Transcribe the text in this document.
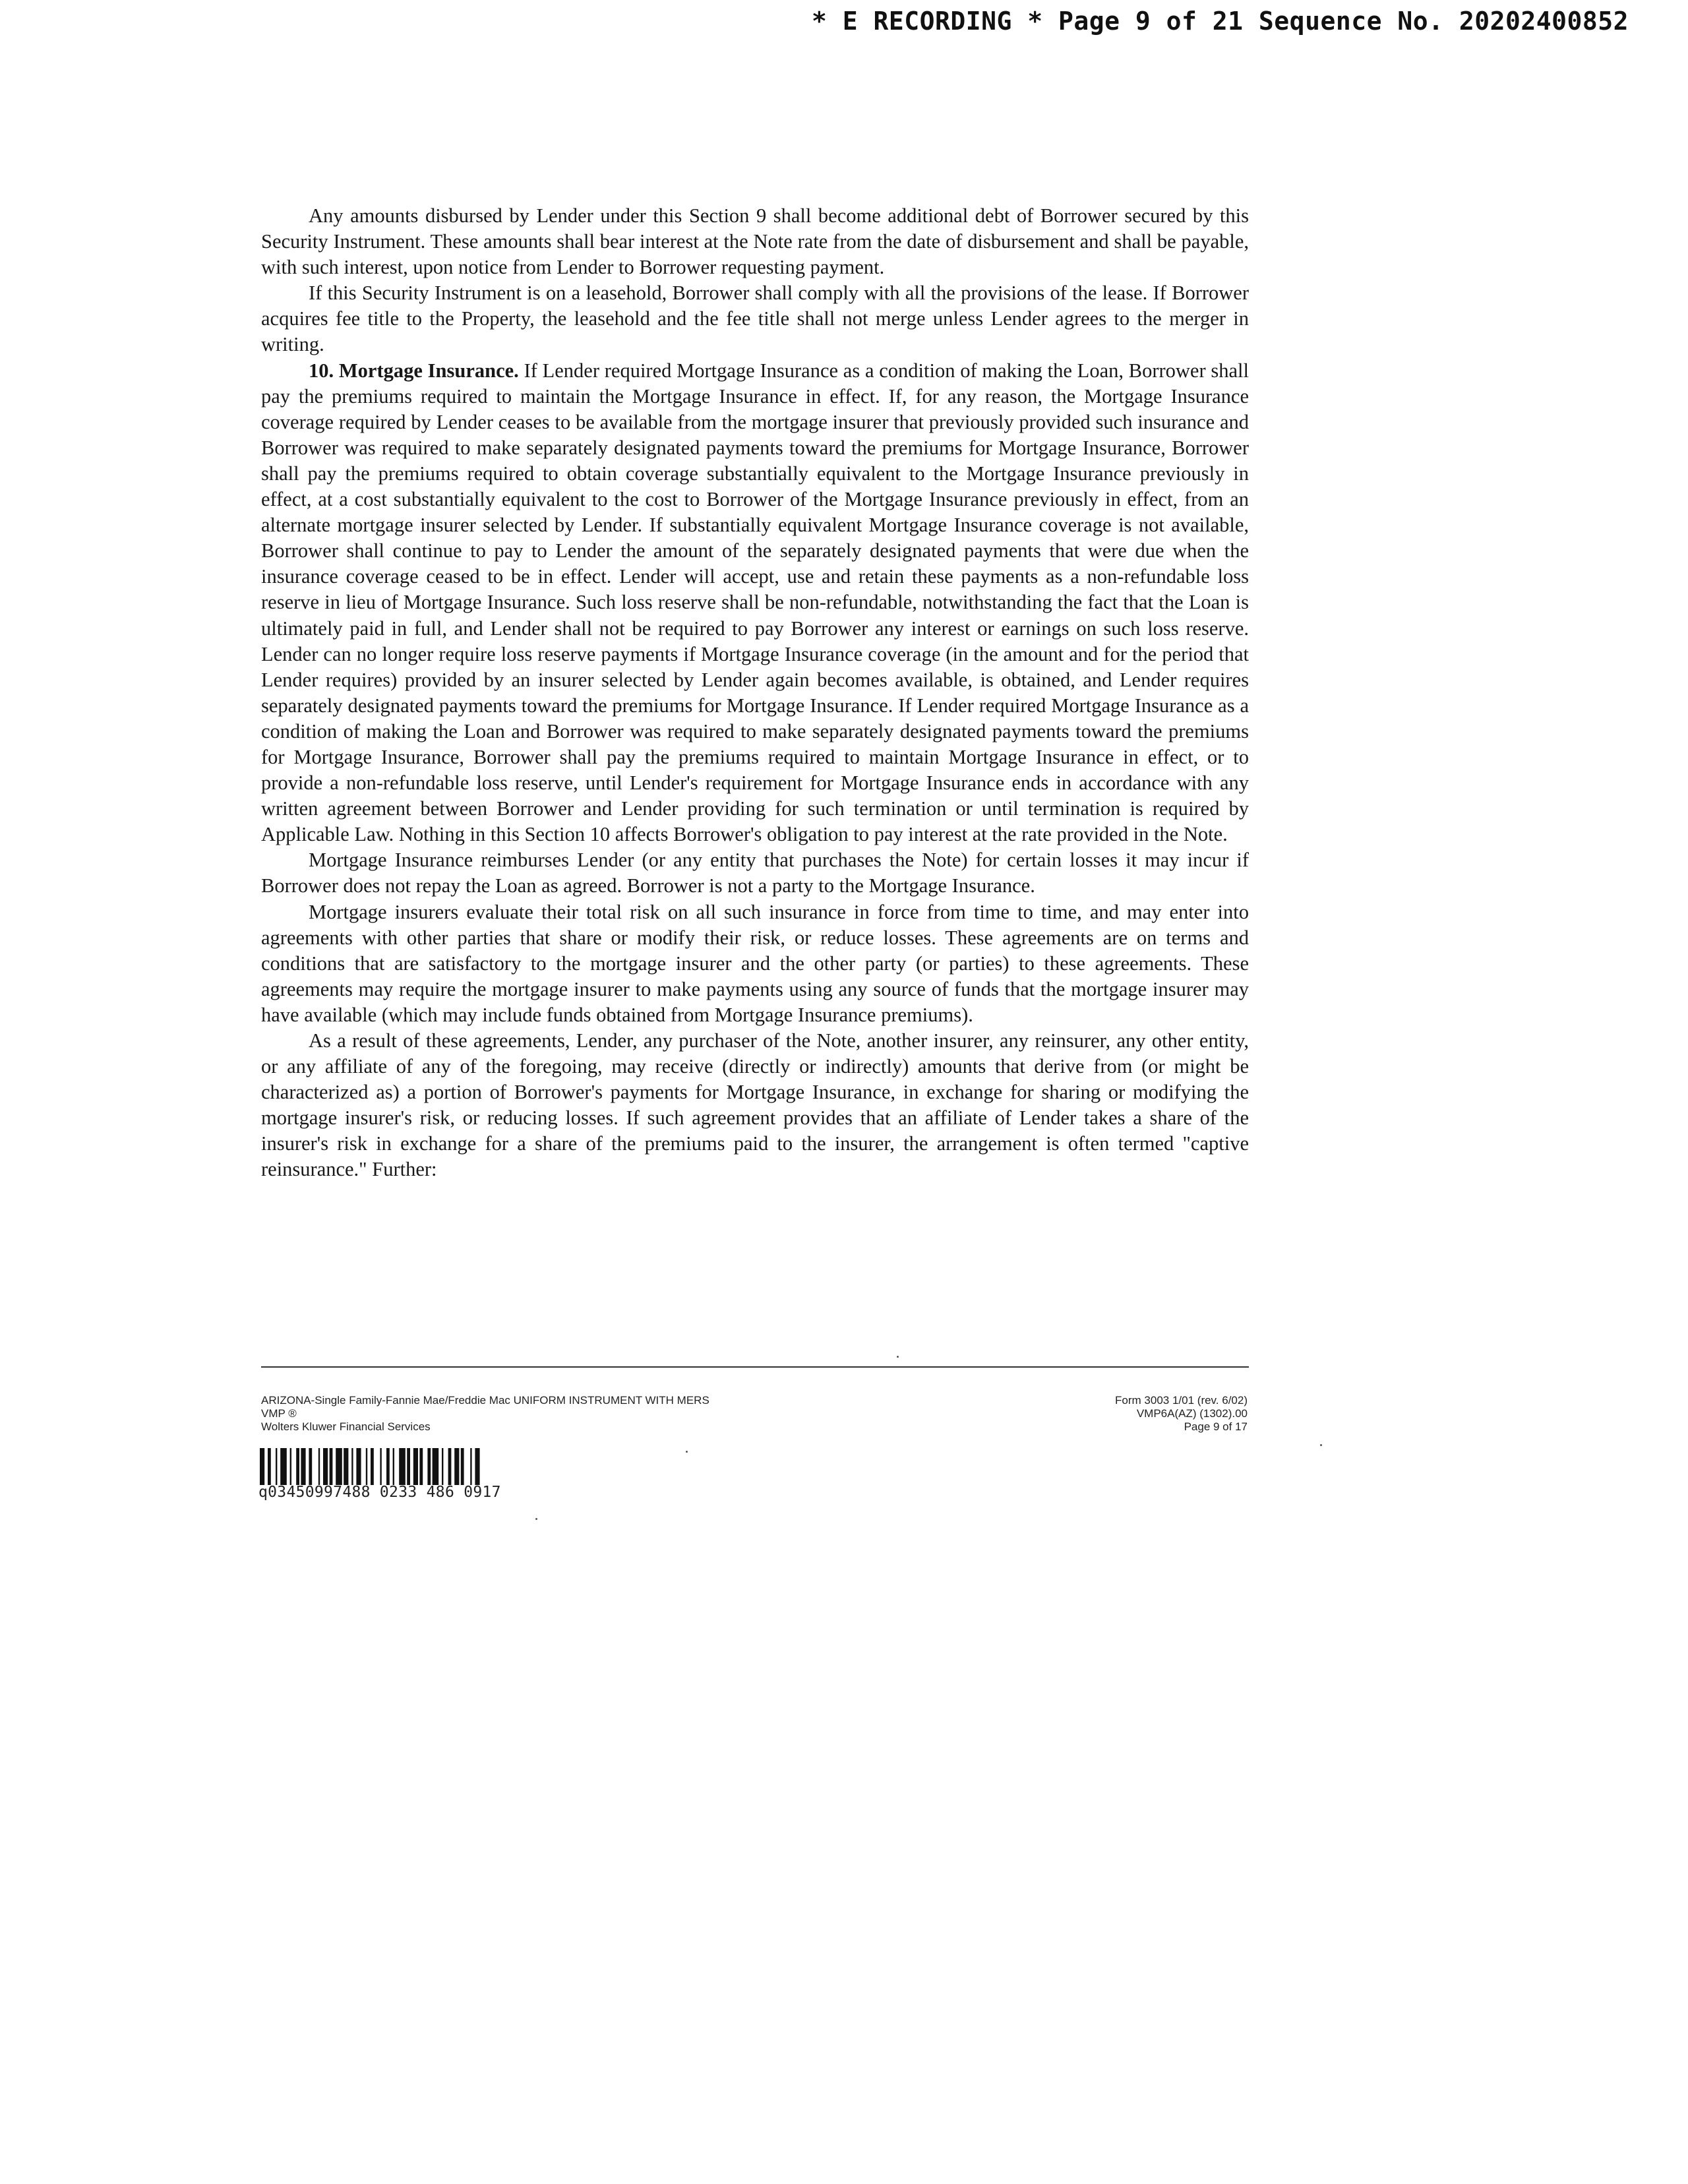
* E RECORDING * Page 9 of 21 Sequence No. 20202400852

Any amounts disbursed by Lender under this Section 9 shall become additional debt of Borrower secured by this Security Instrument. These amounts shall bear interest at the Note rate from the date of disbursement and shall be payable, with such interest, upon notice from Lender to Borrower requesting payment.

If this Security Instrument is on a leasehold, Borrower shall comply with all the provisions of the lease. If Borrower acquires fee title to the Property, the leasehold and the fee title shall not merge unless Lender agrees to the merger in writing.

10. Mortgage Insurance. If Lender required Mortgage Insurance as a condition of making the Loan, Borrower shall pay the premiums required to maintain the Mortgage Insurance in effect. If, for any reason, the Mortgage Insurance coverage required by Lender ceases to be available from the mortgage insurer that previously provided such insurance and Borrower was required to make separately designated payments toward the premiums for Mortgage Insurance, Borrower shall pay the premiums required to obtain coverage substantially equivalent to the Mortgage Insurance previously in effect, at a cost substantially equivalent to the cost to Borrower of the Mortgage Insurance previously in effect, from an alternate mortgage insurer selected by Lender. If substantially equivalent Mortgage Insurance coverage is not available, Borrower shall continue to pay to Lender the amount of the separately designated payments that were due when the insurance coverage ceased to be in effect. Lender will accept, use and retain these payments as a non-refundable loss reserve in lieu of Mortgage Insurance. Such loss reserve shall be non-refundable, notwithstanding the fact that the Loan is ultimately paid in full, and Lender shall not be required to pay Borrower any interest or earnings on such loss reserve. Lender can no longer require loss reserve payments if Mortgage Insurance coverage (in the amount and for the period that Lender requires) provided by an insurer selected by Lender again becomes available, is obtained, and Lender requires separately designated payments toward the premiums for Mortgage Insurance. If Lender required Mortgage Insurance as a condition of making the Loan and Borrower was required to make separately designated payments toward the premiums for Mortgage Insurance, Borrower shall pay the premiums required to maintain Mortgage Insurance in effect, or to provide a non-refundable loss reserve, until Lender's requirement for Mortgage Insurance ends in accordance with any written agreement between Borrower and Lender providing for such termination or until termination is required by Applicable Law. Nothing in this Section 10 affects Borrower's obligation to pay interest at the rate provided in the Note.

Mortgage Insurance reimburses Lender (or any entity that purchases the Note) for certain losses it may incur if Borrower does not repay the Loan as agreed. Borrower is not a party to the Mortgage Insurance.

Mortgage insurers evaluate their total risk on all such insurance in force from time to time, and may enter into agreements with other parties that share or modify their risk, or reduce losses. These agreements are on terms and conditions that are satisfactory to the mortgage insurer and the other party (or parties) to these agreements. These agreements may require the mortgage insurer to make payments using any source of funds that the mortgage insurer may have available (which may include funds obtained from Mortgage Insurance premiums).

As a result of these agreements, Lender, any purchaser of the Note, another insurer, any reinsurer, any other entity, or any affiliate of any of the foregoing, may receive (directly or indirectly) amounts that derive from (or might be characterized as) a portion of Borrower's payments for Mortgage Insurance, in exchange for sharing or modifying the mortgage insurer's risk, or reducing losses. If such agreement provides that an affiliate of Lender takes a share of the insurer's risk in exchange for a share of the premiums paid to the insurer, the arrangement is often termed "captive reinsurance." Further:

ARIZONA-Single Family-Fannie Mae/Freddie Mac UNIFORM INSTRUMENT WITH MERS
VMP ®
Wolters Kluwer Financial Services
Form 3003 1/01 (rev. 6/02)
VMP6A(AZ) (1302).00
Page 9 of 17
q03450997488 0233 486 0917
